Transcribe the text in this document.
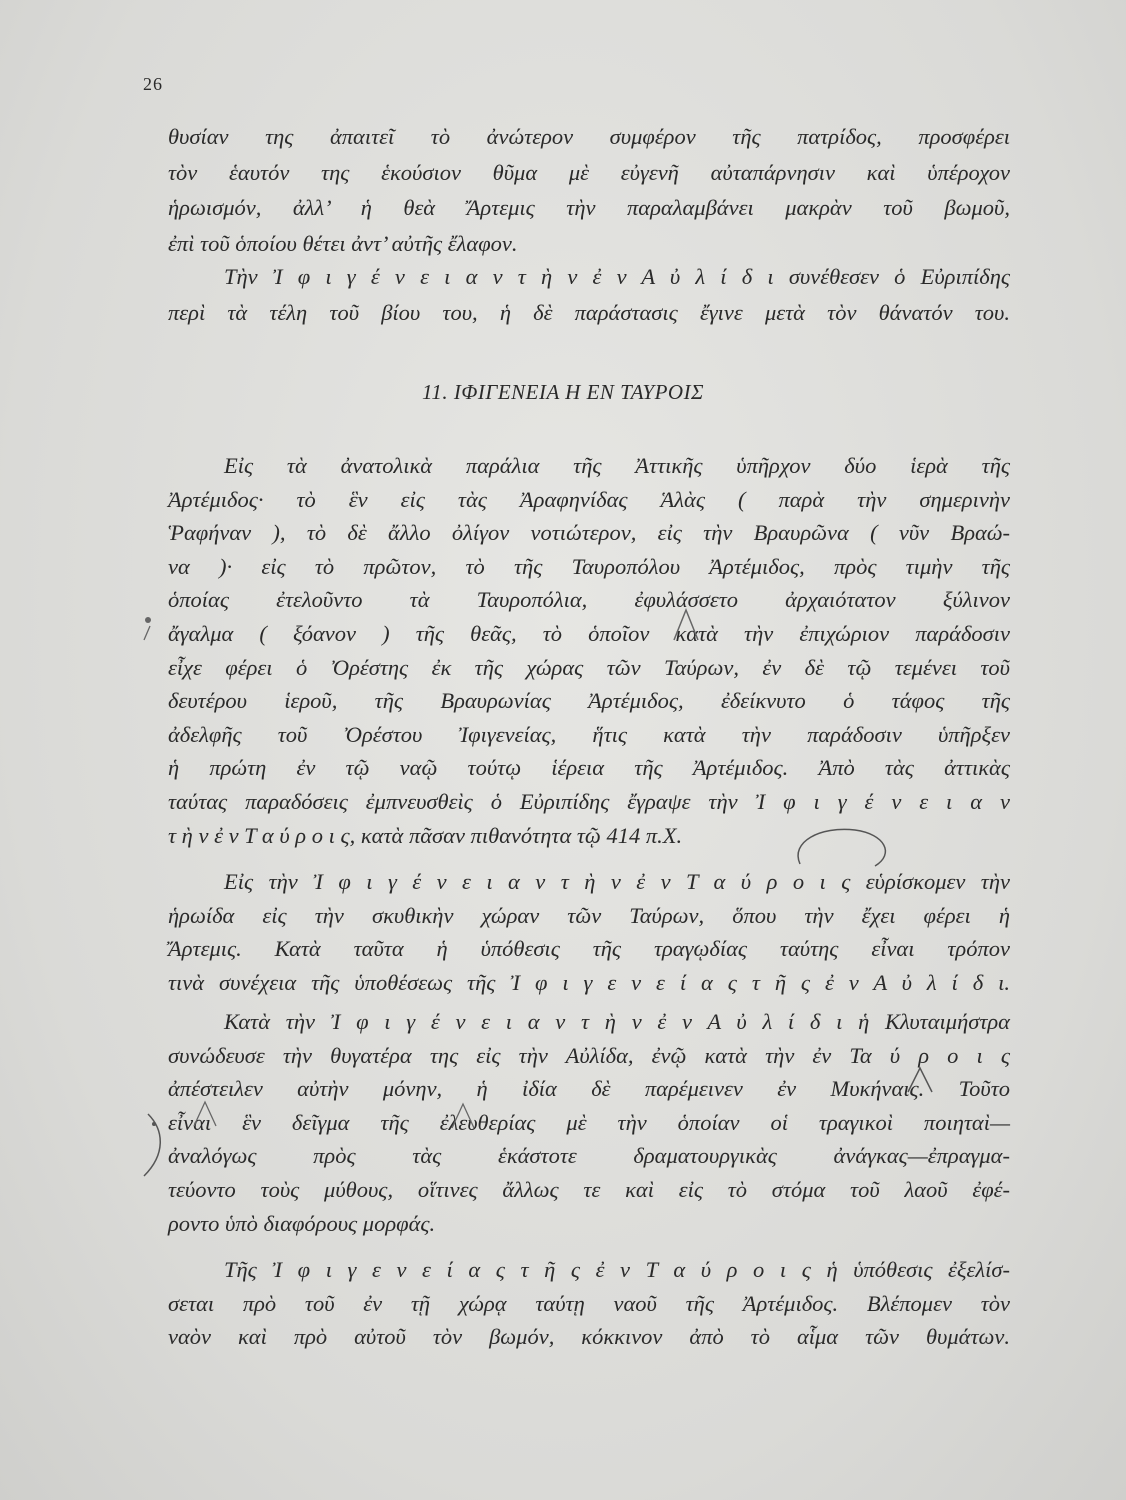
26
θυσίαν της ἀπαιτεῖ τὸ ἀνώτερον συμφέρον τῆς πατρίδος, προσφέρει
τὸν ἑαυτόν της ἑκούσιον θῦμα μὲ εὐγενῆ αὐταπάρνησιν καὶ ὑπέροχον
ἡρωισμόν, ἀλλ’ ἡ θεὰ Ἄρτεμις τὴν παραλαμβάνει μακρὰν τοῦ βωμοῦ,
ἐπὶ τοῦ ὁποίου θέτει ἀντ’ αὐτῆς ἔλαφον.
Τὴν Ἰ φ ι γ έ ν ε ι α ν τ ὴ ν ἐ ν Α ὐ λ ί δ ι συνέθεσεν ὁ Εὐριπίδης
περὶ τὰ τέλη τοῦ βίου του, ἡ δὲ παράστασις ἔγινε μετὰ τὸν θάνατόν του.
11. ΙΦΙΓΕΝΕΙΑ Η ΕΝ ΤΑΥΡΟΙΣ
Εἰς τὰ ἀνατολικὰ παράλια τῆς Ἀττικῆς ὑπῆρχον δύο ἱερὰ τῆς
Ἀρτέμιδος· τὸ ἓν εἰς τὰς Ἀραφηνίδας Ἁλὰς ( παρὰ τὴν σημερινὴν
Ῥαφήναν ), τὸ δὲ ἄλλο ὀλίγον νοτιώτερον, εἰς τὴν Βραυρῶνα ( νῦν Βραώ-
να )· εἰς τὸ πρῶτον, τὸ τῆς Ταυροπόλου Ἀρτέμιδος, πρὸς τιμὴν τῆς
ὁποίας ἐτελοῦντο τὰ Ταυροπόλια, ἐφυλάσσετο ἀρχαιότατον ξύλινον
ἄγαλμα ( ξόανον ) τῆς θεᾶς, τὸ ὁποῖον κατὰ τὴν ἐπιχώριον παράδοσιν
εἶχε φέρει ὁ Ὀρέστης ἐκ τῆς χώρας τῶν Ταύρων, ἐν δὲ τῷ τεμένει τοῦ
δευτέρου ἱεροῦ, τῆς Βραυρωνίας Ἀρτέμιδος, ἐδείκνυτο ὁ τάφος τῆς
ἀδελφῆς τοῦ Ὀρέστου Ἰφιγενείας, ἥτις κατὰ τὴν παράδοσιν ὑπῆρξεν
ἡ πρώτη ἐν τῷ ναῷ τούτῳ ἱέρεια τῆς Ἀρτέμιδος. Ἀπὸ τὰς ἀττικὰς
ταύτας παραδόσεις ἐμπνευσθεὶς ὁ Εὐριπίδης ἔγραψε τὴν Ἰ φ ι γ έ ν ε ι α ν
τ ὴ ν ἐ ν Τ α ύ ρ ο ι ς, κατὰ πᾶσαν πιθανότητα τῷ 414 π.Χ.
Εἰς τὴν Ἰ φ ι γ έ ν ε ι α ν τ ὴ ν ἐ ν Τ α ύ ρ ο ι ς εὑρίσκομεν τὴν
ἡρωίδα εἰς τὴν σκυθικὴν χώραν τῶν Ταύρων, ὅπου τὴν ἔχει φέρει ἡ
Ἄρτεμις. Κατὰ ταῦτα ἡ ὑπόθεσις τῆς τραγῳδίας ταύτης εἶναι τρόπον
τινὰ συνέχεια τῆς ὑποθέσεως τῆς Ἰ φ ι γ ε ν ε ί α ς τ ῆ ς ἐ ν Α ὐ λ ί δ ι.
Κατὰ τὴν Ἰ φ ι γ έ ν ε ι α ν τ ὴ ν ἐ ν Α ὐ λ ί δ ι ἡ Κλυταιμήστρα
συνώδευσε τὴν θυγατέρα της εἰς τὴν Αὐλίδα, ἐνῷ κατὰ τὴν ἐν Τα ύ ρ ο ι ς
ἀπέστειλεν αὐτὴν μόνην, ἡ ἰδία δὲ παρέμεινεν ἐν Μυκήναις. Τοῦτο
εἶναι ἓν δεῖγμα τῆς ἐλευθερίας μὲ τὴν ὁποίαν οἱ τραγικοὶ ποιηταὶ—
ἀναλόγως πρὸς τὰς ἑκάστοτε δραματουργικὰς ἀνάγκας—ἐπραγμα-
τεύοντο τοὺς μύθους, οἵτινες ἄλλως τε καὶ εἰς τὸ στόμα τοῦ λαοῦ ἐφέ-
ροντο ὑπὸ διαφόρους μορφάς.
Τῆς Ἰ φ ι γ ε ν ε ί α ς τ ῆ ς ἐ ν Τ α ύ ρ ο ι ς ἡ ὑπόθεσις ἐξελίσ-
σεται πρὸ τοῦ ἐν τῇ χώρᾳ ταύτῃ ναοῦ τῆς Ἀρτέμιδος. Βλέπομεν τὸν
ναὸν καὶ πρὸ αὐτοῦ τὸν βωμόν, κόκκινον ἀπὸ τὸ αἷμα τῶν θυμάτων.
